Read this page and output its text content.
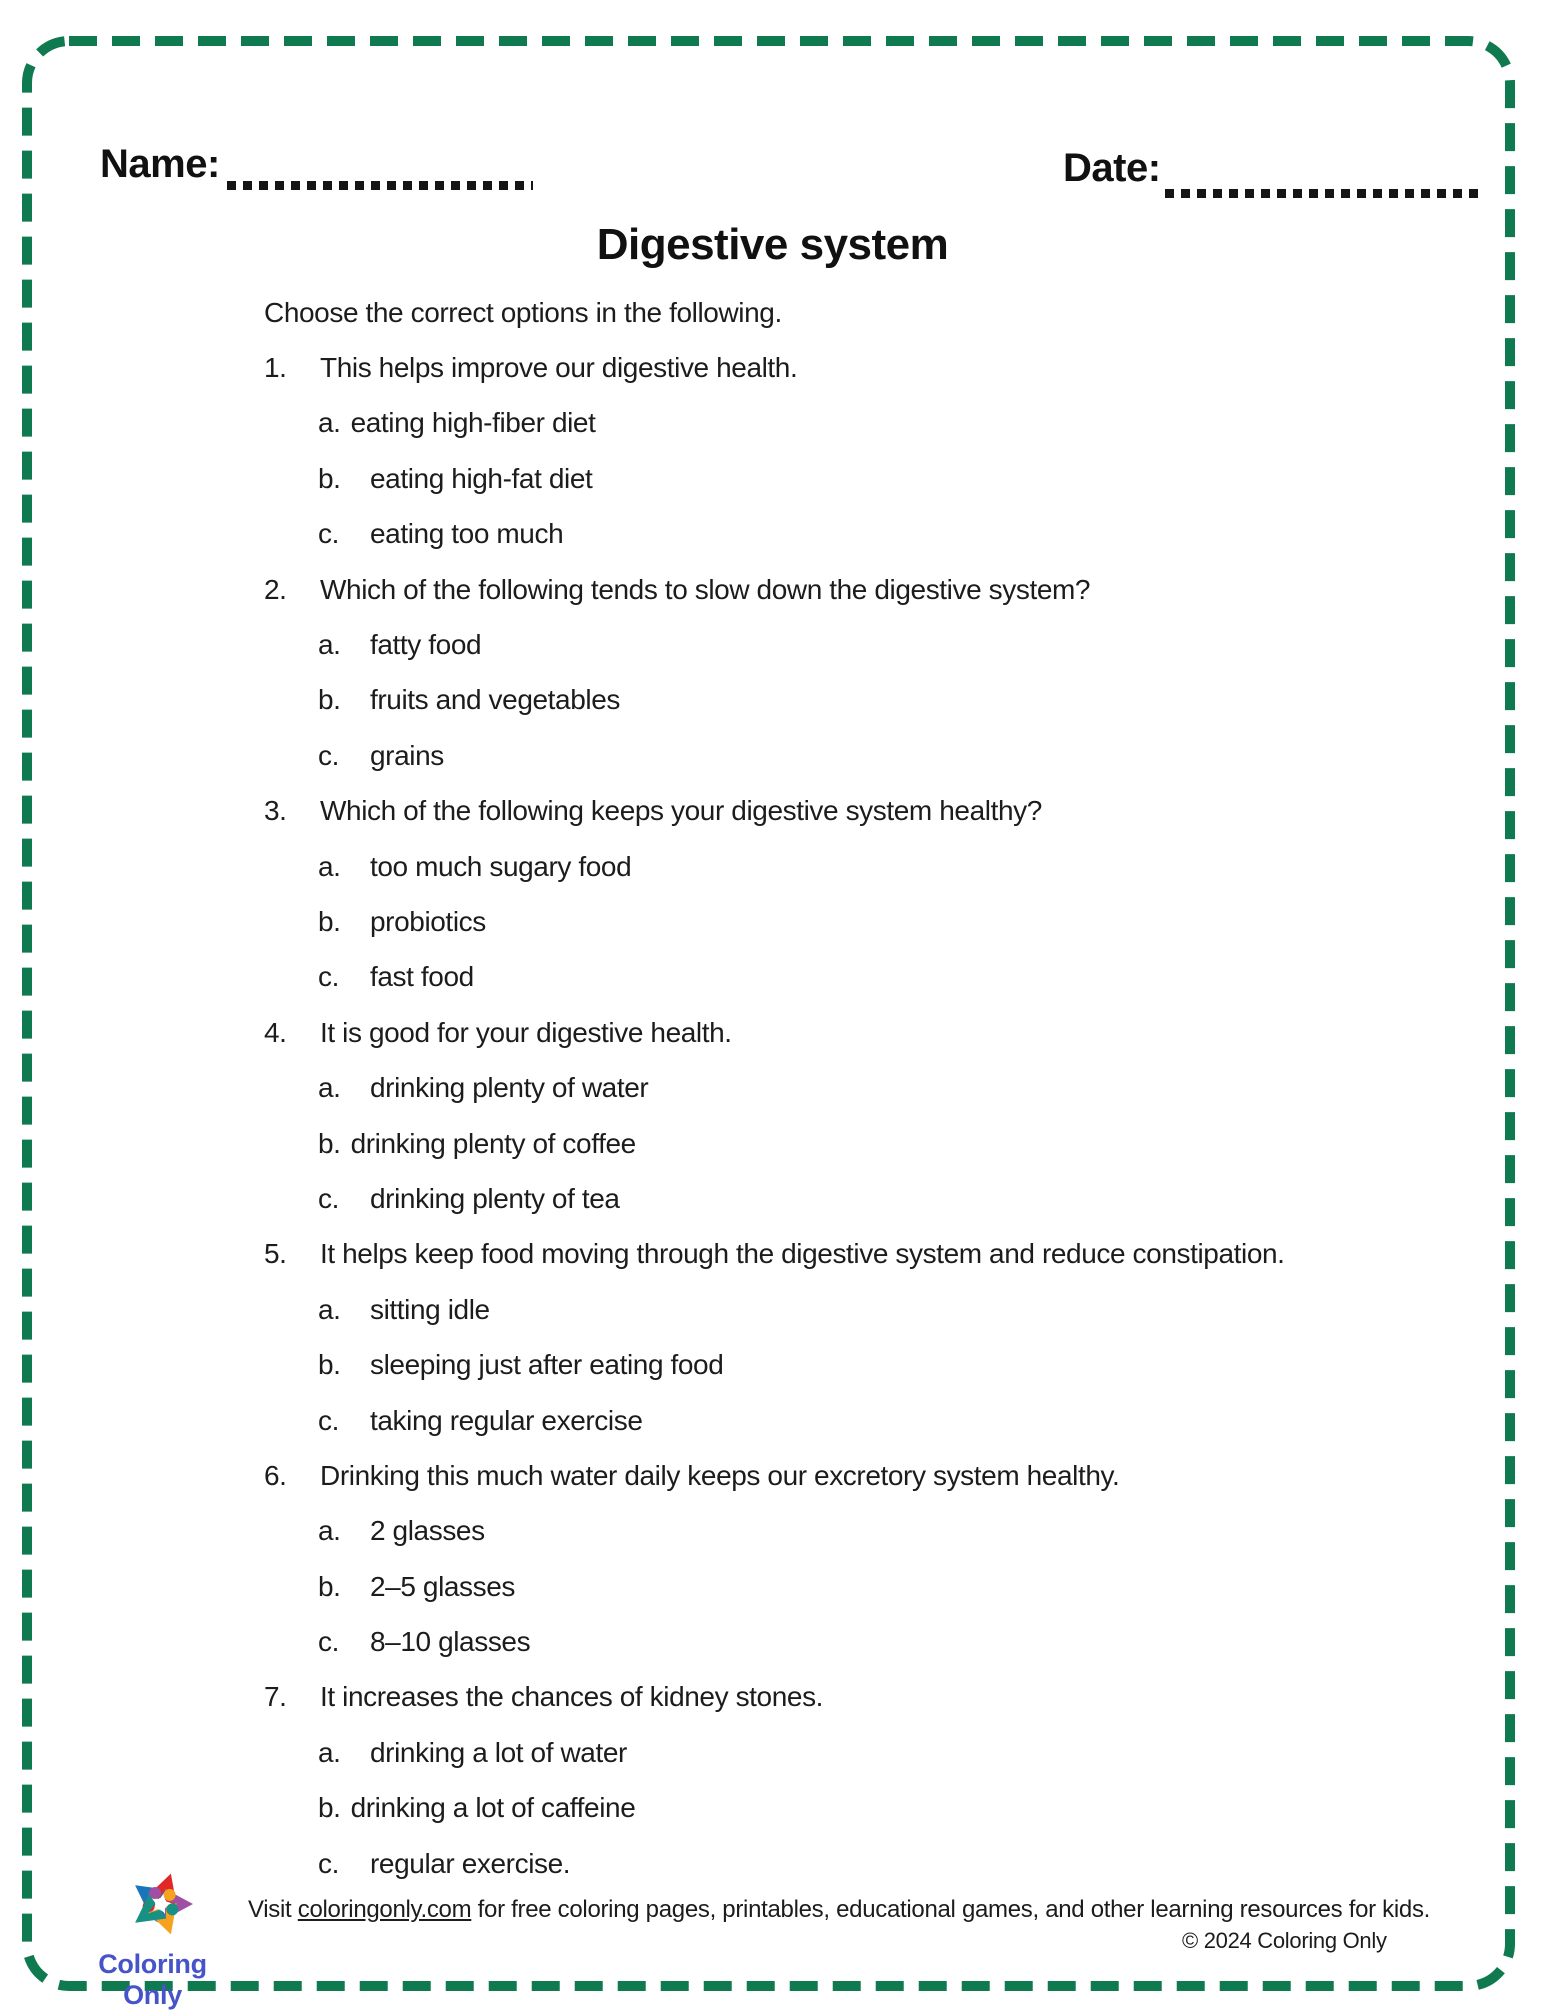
Name:	Date:
Digestive system
Choose the correct options in the following.
1.	This helps improve our digestive health.
a. eating high-fiber diet
b.	eating high-fat diet
c.	eating too much
2.	Which of the following tends to slow down the digestive system?
a.	fatty food
b.	fruits and vegetables
c.	grains
3.	Which of the following keeps your digestive system healthy?
a.	too much sugary food
b.	probiotics
c.	fast food
4.	It is good for your digestive health.
a.	drinking plenty of water
b. drinking plenty of coffee
c.	drinking plenty of tea
5.	It helps keep food moving through the digestive system and reduce constipation.
a.	sitting idle
b.	sleeping just after eating food
c.	taking regular exercise
6.	Drinking this much water daily keeps our excretory system healthy.
a.	2 glasses
b.	2–5 glasses
c.	8–10 glasses
7.	It increases the chances of kidney stones.
a.	drinking a lot of water
b. drinking a lot of caffeine
c.	regular exercise.
Coloring Only
Visit coloringonly.com for free coloring pages, printables, educational games, and other learning resources for kids.
© 2024 Coloring Only
